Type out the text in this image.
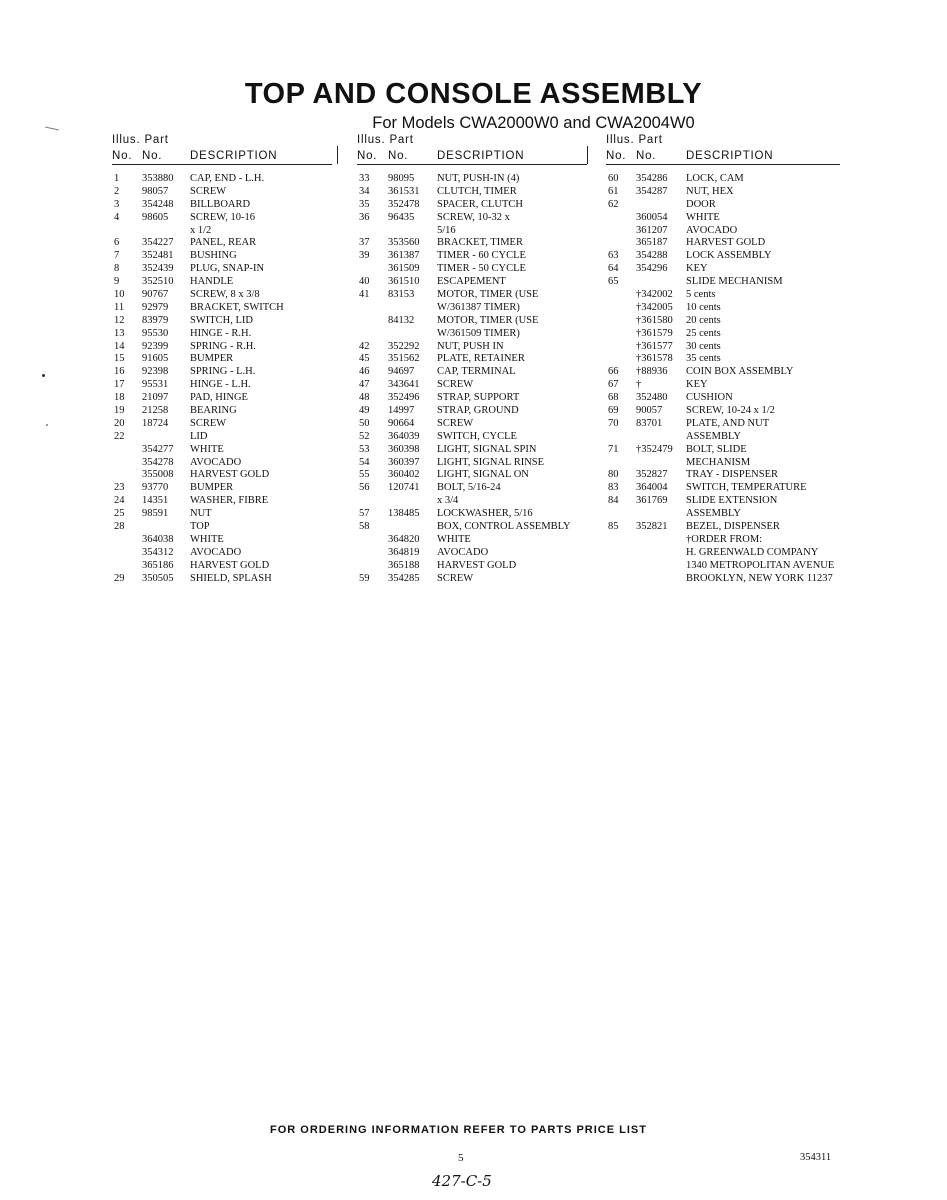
TOP AND CONSOLE ASSEMBLY
For Models CWA2000W0 and CWA2004W0
Illus. Part
No. No. DESCRIPTION
1 353880 CAP, END - L.H.
2 98057 SCREW
3 354248 BILLBOARD
4 98605 SCREW, 10-16
x 1/2
6 354227 PANEL, REAR
7 352481 BUSHING
8 352439 PLUG, SNAP-IN
9 352510 HANDLE
10 90767 SCREW, 8 x 3/8
11 92979 BRACKET, SWITCH
12 83979 SWITCH, LID
13 95530 HINGE - R.H.
14 92399 SPRING - R.H.
15 91605 BUMPER
16 92398 SPRING - L.H.
17 95531 HINGE - L.H.
18 21097 PAD, HINGE
19 21258 BEARING
20 18724 SCREW
22	LID
354277 WHITE
354278 AVOCADO
355008 HARVEST GOLD
23 93770 BUMPER
24 14351 WASHER, FIBRE
25 98591 NUT
28	TOP
364038 WHITE
354312 AVOCADO
365186 HARVEST GOLD
29 350505 SHIELD, SPLASH
Illus. Part
No. No. DESCRIPTION
33 98095 NUT, PUSH-IN (4)
34 361531 CLUTCH, TIMER
35 352478 SPACER, CLUTCH
36 96435 SCREW, 10-32 x
5/16
37 353560 BRACKET, TIMER
39 361387 TIMER - 60 CYCLE
361509 TIMER - 50 CYCLE
40 361510 ESCAPEMENT
41 83153 MOTOR, TIMER (USE
W/361387 TIMER)
84132 MOTOR, TIMER (USE
W/361509 TIMER)
42 352292 NUT, PUSH IN
45 351562 PLATE, RETAINER
46 94697 CAP, TERMINAL
47 343641 SCREW
48 352496 STRAP, SUPPORT
49 14997 STRAP, GROUND
50 90664 SCREW
52 364039 SWITCH, CYCLE
53 360398 LIGHT, SIGNAL SPIN
54 360397 LIGHT, SIGNAL RINSE
55 360402 LIGHT, SIGNAL ON
56 120741 BOLT, 5/16-24
x 3/4
57 138485 LOCKWASHER, 5/16
58	BOX, CONTROL ASSEMBLY
364820 WHITE
364819 AVOCADO
365188 HARVEST GOLD
59 354285 SCREW
Illus. Part
No. No.	DESCRIPTION
60 354286 LOCK, CAM
61 354287 NUT, HEX
62	DOOR
360054 WHITE
361207 AVOCADO
365187 HARVEST GOLD
63 354288 LOCK ASSEMBLY
64 354296 KEY
65	SLIDE MECHANISM
†342002 5 cents
†342005 10 cents
†361580 20 cents
†361579 25 cents
†361577 30 cents
†361578 35 cents
66 †88936 COIN BOX ASSEMBLY
67 †	KEY
68 352480 CUSHION
69 90057 SCREW, 10-24 x 1/2
70 83701 PLATE, AND NUT
ASSEMBLY
71 †352479 BOLT, SLIDE
MECHANISM
80 352827 TRAY - DISPENSER
83 364004 SWITCH, TEMPERATURE
84 361769 SLIDE EXTENSION
ASSEMBLY
85 352821 BEZEL, DISPENSER
†ORDER FROM:
H. GREENWALD COMPANY
1340 METROPOLITAN AVENUE
BROOKLYN, NEW YORK 11237
FOR ORDERING INFORMATION REFER TO PARTS PRICE LIST
5	354311
427-C-5
